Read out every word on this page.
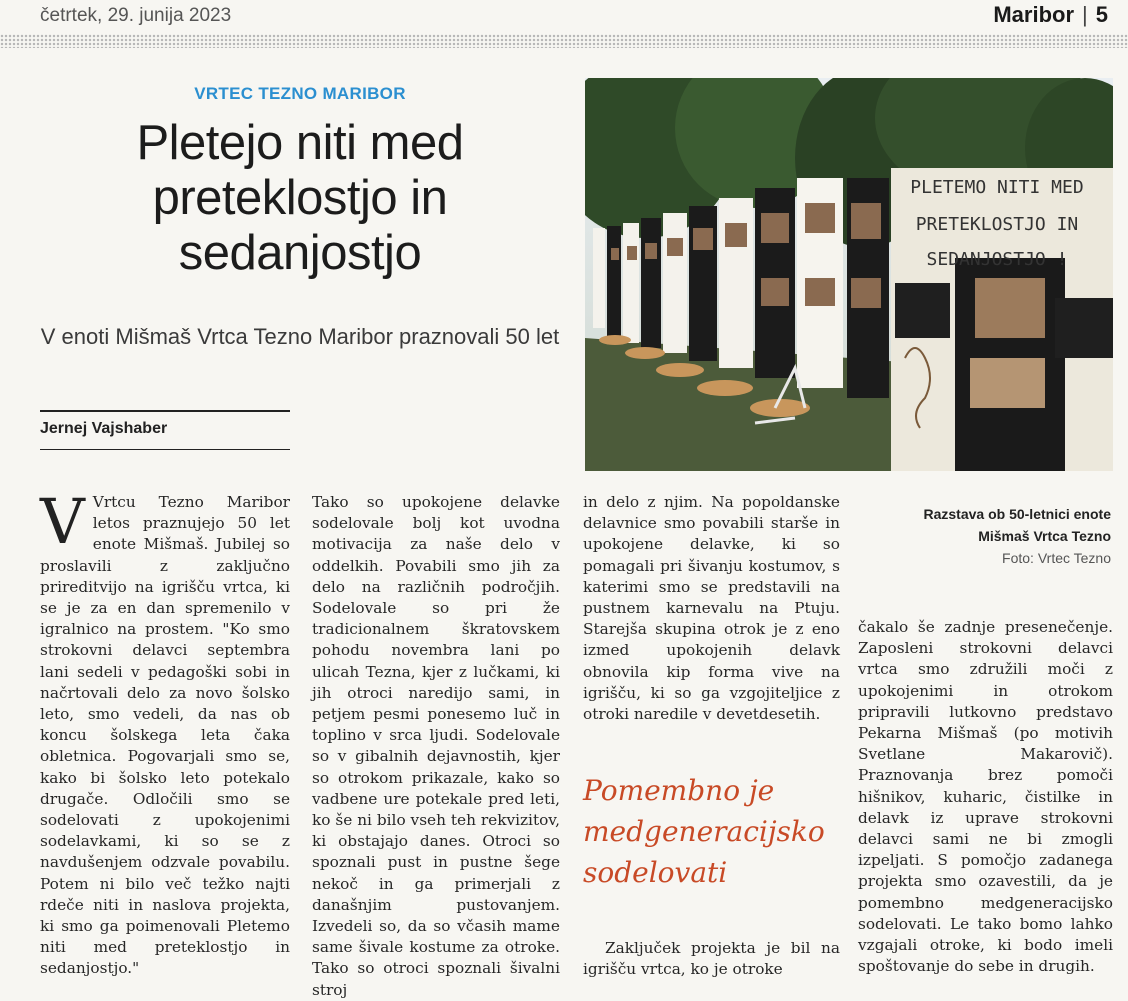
četrtek, 29. junija 2023	Maribor | 5
VRTEC TEZNO MARIBOR
Pletejo niti med preteklostjo in sedanjostjo
V enoti Mišmaš Vrtca Tezno Maribor praznovali 50 let
Jernej Vajshaber
PLETEMO NITI MED
PRETEKLOSTJO IN
SEDANJOSTJO !
Razstava ob 50-letnici enote
Mišmaš Vrtca Tezno
Foto: Vrtec Tezno
V Vrtcu Tezno Maribor letos praznujejo 50 let enote Mišmaš. Jubilej so proslavili z zaključno prireditvijo na igrišču vrtca, ki se je za en dan spremenilo v igralnico na prostem. "Ko smo strokovni delavci septembra lani sedeli v pedagoški sobi in načrtovali delo za novo šolsko leto, smo vedeli, da nas ob koncu šolskega leta čaka obletnica. Pogovarjali smo se, kako bi šolsko leto potekalo drugače. Odločili smo se sodelovati z upokojenimi sodelavkami, ki so se z navdušenjem odzvale povabilu. Potem ni bilo več težko najti rdeče niti in naslova projekta, ki smo ga poimenovali Pletemo niti med preteklostjo in sedanjostjo."

Tako so upokojene delavke sodelovale bolj kot uvodna motivacija za naše delo v oddelkih. Povabili smo jih za delo na različnih področjih. Sodelovale so pri že tradicionalnem škratovskem pohodu novembra lani po ulicah Tezna, kjer z lučkami, ki jih otroci naredijo sami, in petjem pesmi ponesemo luč in toplino v srca ljudi. Sodelovale so v gibalnih dejavnostih, kjer so otrokom prikazale, kako so vadbene ure potekale pred leti, ko še ni bilo vseh teh rekvizitov, ki obstajajo danes. Otroci so spoznali pust in pustne šege nekoč in ga primerjali z današnjim pustovanjem. Izvedeli so, da so včasih mame same šivale kostume za otroke. Tako so otroci spoznali šivalni stroj

in delo z njim. Na popoldanske delavnice smo povabili starše in upokojene delavke, ki so pomagali pri šivanju kostumov, s katerimi smo se predstavili na pustnem karnevalu na Ptuju. Starejša skupina otrok je z eno izmed upokojenih delavk obnovila kip forma vive na igrišču, ki so ga vzgojiteljice z otroki naredile v devetdesetih.

Pomembno je medgeneracijsko sodelovati

Zaključek projekta je bil na igrišču vrtca, ko je otroke

čakalo še zadnje presenečenje. Zaposleni strokovni delavci vrtca smo združili moči z upokojenimi in otrokom pripravili lutkovno predstavo Pekarna Mišmaš (po motivih Svetlane Makarovič). Praznovanja brez pomoči hišnikov, kuharic, čistilke in delavk iz uprave strokovni delavci sami ne bi zmogli izpeljati. S pomočjo zadanega projekta smo ozavestili, da je pomembno medgeneracijsko sodelovati. Le tako bomo lahko vzgajali otroke, ki bodo imeli spoštovanje do sebe in drugih.
